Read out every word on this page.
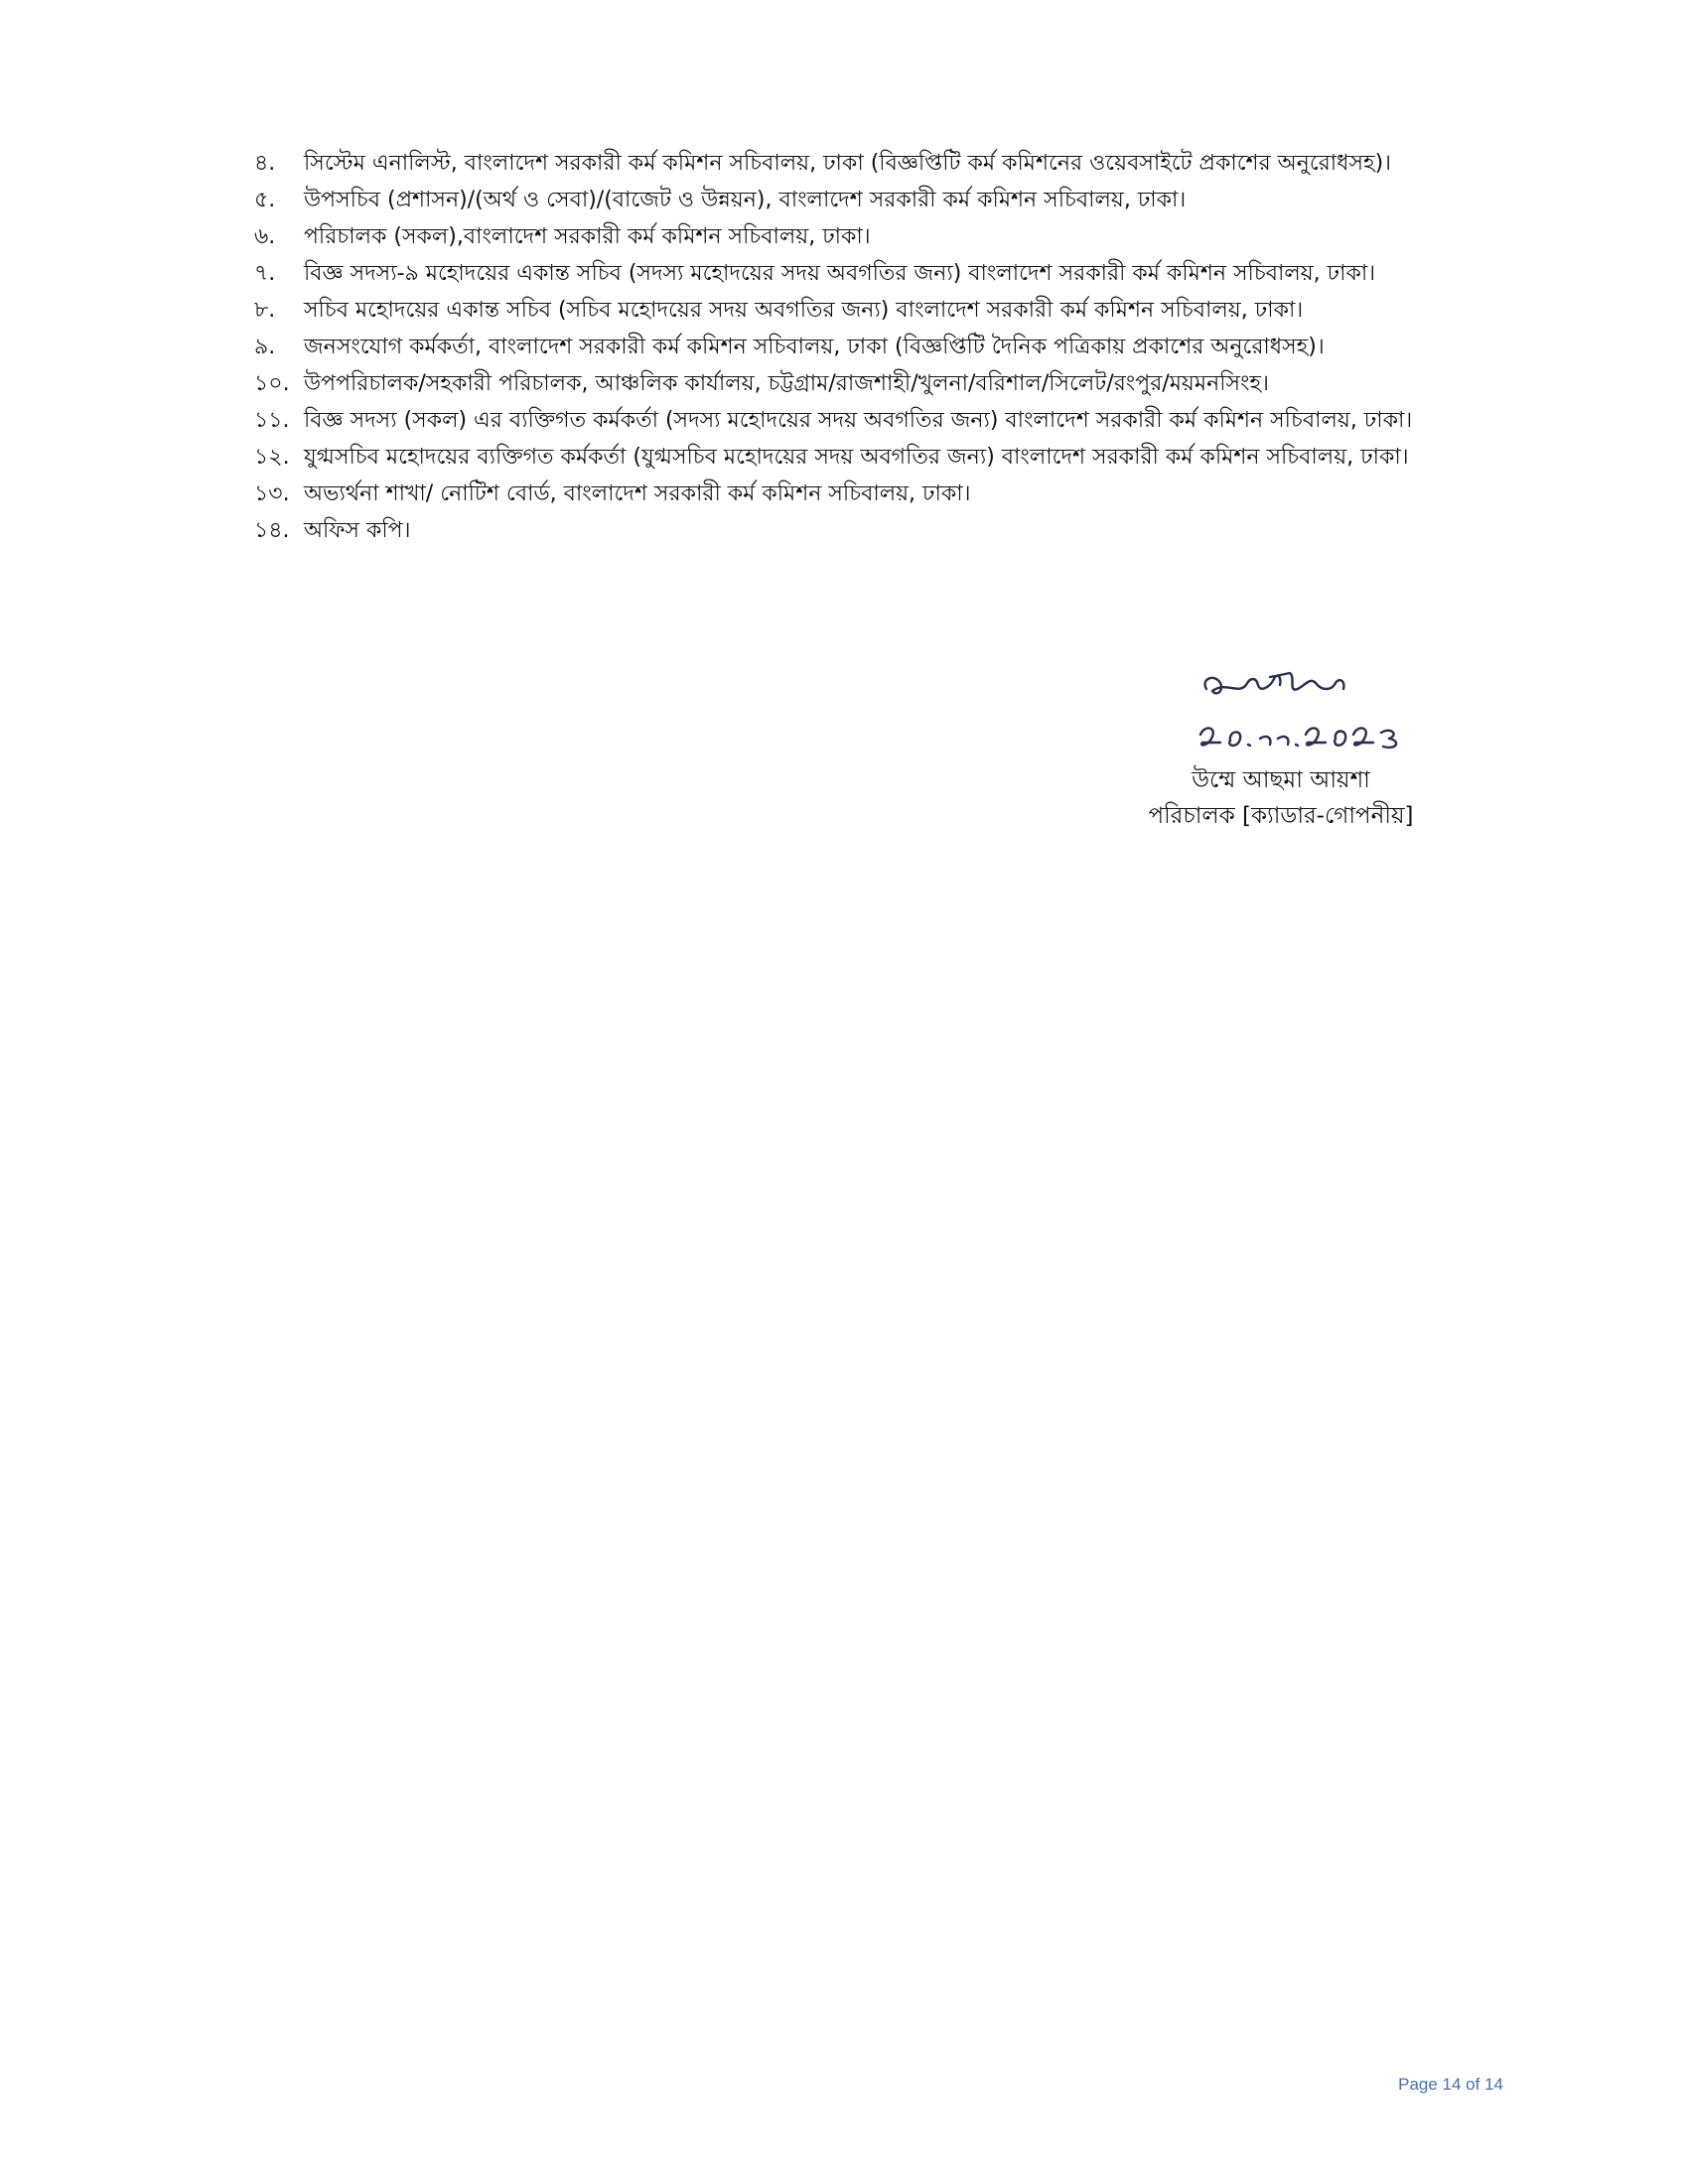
৪.	সিস্টেম এনালিস্ট, বাংলাদেশ সরকারী কর্ম কমিশন সচিবালয়, ঢাকা (বিজ্ঞপ্তিটি কর্ম কমিশনের ওয়েবসাইটে প্রকাশের অনুরোধসহ)।
৫.	উপসচিব (প্রশাসন)/(অর্থ ও সেবা)/(বাজেট ও উন্নয়ন), বাংলাদেশ সরকারী কর্ম কমিশন সচিবালয়, ঢাকা।
৬.	পরিচালক (সকল),বাংলাদেশ সরকারী কর্ম কমিশন সচিবালয়, ঢাকা।
৭.	বিজ্ঞ সদস্য-৯ মহোদয়ের একান্ত সচিব (সদস্য মহোদয়ের সদয় অবগতির জন্য) বাংলাদেশ সরকারী কর্ম কমিশন সচিবালয়, ঢাকা।
৮.	সচিব মহোদয়ের একান্ত সচিব (সচিব মহোদয়ের সদয় অবগতির জন্য) বাংলাদেশ সরকারী কর্ম কমিশন সচিবালয়, ঢাকা।
৯.	জনসংযোগ কর্মকর্তা, বাংলাদেশ সরকারী কর্ম কমিশন সচিবালয়, ঢাকা (বিজ্ঞপ্তিটি দৈনিক পত্রিকায় প্রকাশের অনুরোধসহ)।
১০. উপপরিচালক/সহকারী পরিচালক, আঞ্চলিক কার্যালয়, চট্টগ্রাম/রাজশাহী/খুলনা/বরিশাল/সিলেট/রংপুর/ময়মনসিংহ।
১১. বিজ্ঞ সদস্য (সকল) এর ব্যক্তিগত কর্মকর্তা (সদস্য মহোদয়ের সদয় অবগতির জন্য) বাংলাদেশ সরকারী কর্ম কমিশন সচিবালয়, ঢাকা।
১২. যুগ্মসচিব মহোদয়ের ব্যক্তিগত কর্মকর্তা (যুগ্মসচিব মহোদয়ের সদয় অবগতির জন্য) বাংলাদেশ সরকারী কর্ম কমিশন সচিবালয়, ঢাকা।
১৩. অভ্যর্থনা শাখা/ নোটিশ বোর্ড, বাংলাদেশ সরকারী কর্ম কমিশন সচিবালয়, ঢাকা।
১৪. অফিস কপি।
উম্মে আছমা আয়শা
পরিচালক [ক্যাডার-গোপনীয়]
Page 14 of 14
